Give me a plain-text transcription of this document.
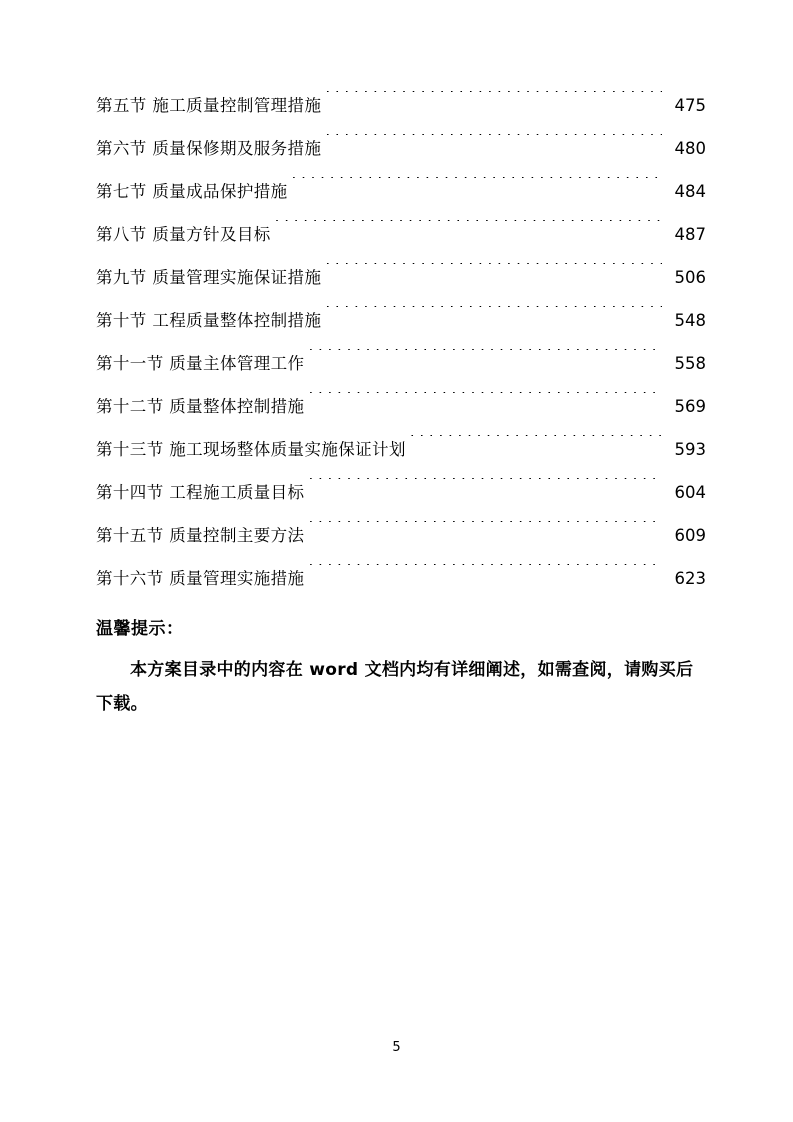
第五节 施工质量控制管理措施 . . .	475
第六节 质量保修期及服务措施 . . .	480
第七节 质量成品保护措施 . . .	484
第八节 质量方针及目标 . . .	487
第九节 质量管理实施保证措施 . . .	506
第十节 工程质量整体控制措施 . . .	548
第十一节 质量主体管理工作 . . .	558
第十二节 质量整体控制措施 . . .	569
第十三节 施工现场整体质量实施保证计划 . . .	593
第十四节 工程施工质量目标 . . .	604
第十五节 质量控制主要方法 . . .	609
第十六节 质量管理实施措施 . . .	623
温馨提示：
本方案目录中的内容在 word 文档内均有详细阐述，如需查阅，请购买后下载。
5
